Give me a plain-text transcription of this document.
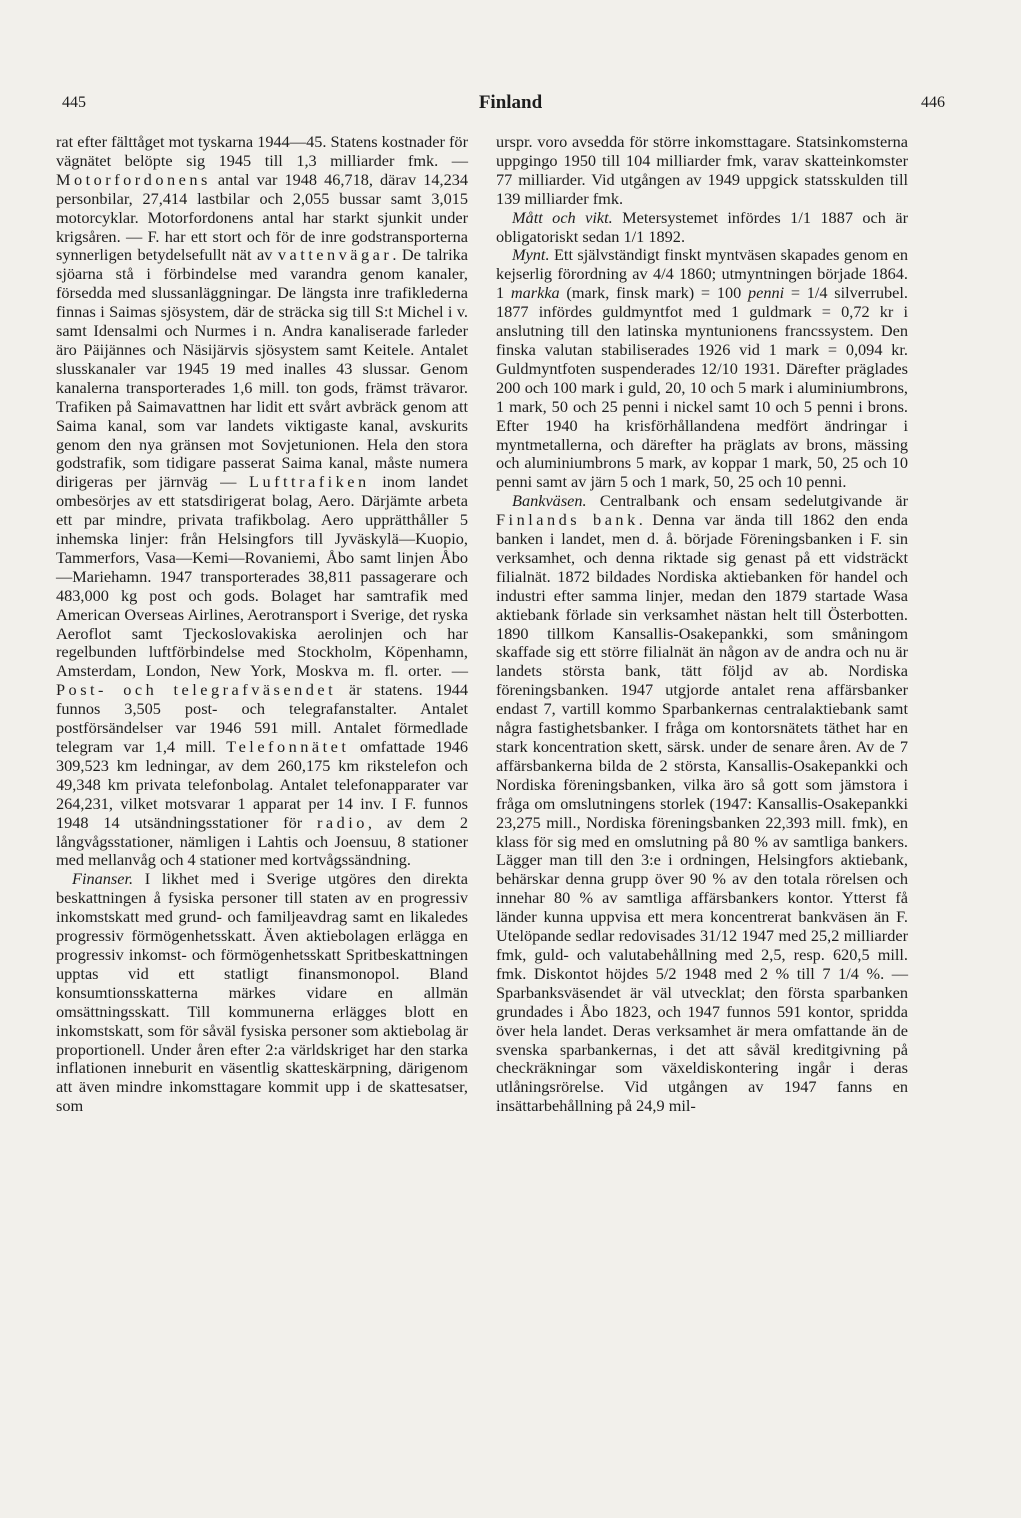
445	Finland	446

rat efter fälttåget mot tyskarna 1944—45. Statens kostnader för vägnätet belöpte sig 1945 till 1,3 milliarder fmk. — Motorfordonens antal var 1948 46,718, därav 14,234 personbilar, 27,414 lastbilar och 2,055 bussar samt 3,015 motorcyklar. Motorfordonens antal har starkt sjunkit under krigsåren. — F. har ett stort och för de inre godstransporterna synnerligen betydelsefullt nät av vattenvägar. De talrika sjöarna stå i förbindelse med varandra genom kanaler, försedda med slussanläggningar. De längsta inre trafiklederna finnas i Saimas sjösystem, där de sträcka sig till S:t Michel i v. samt Idensalmi och Nurmes i n. Andra kanaliserade farleder äro Päijännes och Näsijärvis sjösystem samt Keitele. Antalet slusskanaler var 1945 19 med inalles 43 slussar. Genom kanalerna transporterades 1,6 mill. ton gods, främst trävaror. Trafiken på Saimavattnen har lidit ett svårt avbräck genom att Saima kanal, som var landets viktigaste kanal, avskurits genom den nya gränsen mot Sovjetunionen. Hela den stora godstrafik, som tidigare passerat Saima kanal, måste numera dirigeras per järnväg — Lufttrafiken inom landet ombesörjes av ett statsdirigerat bolag, Aero. Därjämte arbeta ett par mindre, privata trafikbolag. Aero upprätthåller 5 inhemska linjer: från Helsingfors till Jyväskylä—Kuopio, Tammerfors, Vasa—Kemi—Rovaniemi, Åbo samt linjen Åbo—Mariehamn. 1947 transporterades 38,811 passagerare och 483,000 kg post och gods. Bolaget har samtrafik med American Overseas Airlines, Aerotransport i Sverige, det ryska Aeroflot samt Tjeckoslovakiska aerolinjen och har regelbunden luftförbindelse med Stockholm, Köpenhamn, Amsterdam, London, New York, Moskva m. fl. orter. — Post- och telegrafväsendet är statens. 1944 funnos 3,505 post- och telegrafanstalter. Antalet postförsändelser var 1946 591 mill. Antalet förmedlade telegram var 1,4 mill. Telefonnätet omfattade 1946 309,523 km ledningar, av dem 260,175 km rikstelefon och 49,348 km privata telefonbolag. Antalet telefonapparater var 264,231, vilket motsvarar 1 apparat per 14 inv. I F. funnos 1948 14 utsändningsstationer för radio, av dem 2 långvågsstationer, nämligen i Lahtis och Joensuu, 8 stationer med mellanvåg och 4 stationer med kortvågssändning.

Finanser. I likhet med i Sverige utgöres den direkta beskattningen å fysiska personer till staten av en progressiv inkomstskatt med grund- och familjeavdrag samt en likaledes progressiv förmögenhetsskatt. Även aktiebolagen erlägga en progressiv inkomst- och förmögenhetsskatt Spritbeskattningen upptas vid ett statligt finansmonopol. Bland konsumtionsskatterna märkes vidare en allmän omsättningsskatt. Till kommunerna erlägges blott en inkomstskatt, som för såväl fysiska personer som aktiebolag är proportionell. Under åren efter 2:a världskriget har den starka inflationen inneburit en väsentlig skatteskärpning, därigenom att även mindre inkomsttagare kommit upp i de skattesatser, som

urspr. voro avsedda för större inkomsttagare. Statsinkomsterna uppgingo 1950 till 104 milliarder fmk, varav skatteinkomster 77 milliarder. Vid utgången av 1949 uppgick statsskulden till 139 milliarder fmk.

Mått och vikt. Metersystemet infördes 1/1 1887 och är obligatoriskt sedan 1/1 1892.

Mynt. Ett självständigt finskt myntväsen skapades genom en kejserlig förordning av 4/4 1860; utmyntningen började 1864. 1 markka (mark, finsk mark) = 100 penni = 1/4 silverrubel. 1877 infördes guldmyntfot med 1 guldmark = 0,72 kr i anslutning till den latinska myntunionens francssystem. Den finska valutan stabiliserades 1926 vid 1 mark = 0,094 kr. Guldmyntfoten suspenderades 12/10 1931. Därefter präglades 200 och 100 mark i guld, 20, 10 och 5 mark i aluminiumbrons, 1 mark, 50 och 25 penni i nickel samt 10 och 5 penni i brons. Efter 1940 ha krisförhållandena medfört ändringar i myntmetallerna, och därefter ha präglats av brons, mässing och aluminiumbrons 5 mark, av koppar 1 mark, 50, 25 och 10 penni samt av järn 5 och 1 mark, 50, 25 och 10 penni.

Bankväsen. Centralbank och ensam sedelutgivande är Finlands bank. Denna var ända till 1862 den enda banken i landet, men d. å. började Föreningsbanken i F. sin verksamhet, och denna riktade sig genast på ett vidsträckt filialnät. 1872 bildades Nordiska aktiebanken för handel och industri efter samma linjer, medan den 1879 startade Wasa aktiebank förlade sin verksamhet nästan helt till Österbotten. 1890 tillkom Kansallis-Osakepankki, som småningom skaffade sig ett större filialnät än någon av de andra och nu är landets största bank, tätt följd av ab. Nordiska föreningsbanken. 1947 utgjorde antalet rena affärsbanker endast 7, vartill kommo Sparbankernas centralaktiebank samt några fastighetsbanker. I fråga om kontorsnätets täthet har en stark koncentration skett, särsk. under de senare åren. Av de 7 affärsbankerna bilda de 2 största, Kansallis-Osakepankki och Nordiska föreningsbanken, vilka äro så gott som jämstora i fråga om omslutningens storlek (1947: Kansallis-Osakepankki 23,275 mill., Nordiska föreningsbanken 22,393 mill. fmk), en klass för sig med en omslutning på 80 % av samtliga bankers. Lägger man till den 3:e i ordningen, Helsingfors aktiebank, behärskar denna grupp över 90 % av den totala rörelsen och innehar 80 % av samtliga affärsbankers kontor. Ytterst få länder kunna uppvisa ett mera koncentrerat bankväsen än F. Utelöpande sedlar redovisades 31/12 1947 med 25,2 milliarder fmk, guld- och valutabehållning med 2,5, resp. 620,5 mill. fmk. Diskontot höjdes 5/2 1948 med 2 % till 7 1/4 %. — Sparbanksväsendet är väl utvecklat; den första sparbanken grundades i Åbo 1823, och 1947 funnos 591 kontor, spridda över hela landet. Deras verksamhet är mera omfattande än de svenska sparbankernas, i det att såväl kreditgivning på checkräkningar som växeldiskontering ingår i deras utlåningsrörelse. Vid utgången av 1947 fanns en insättarbehållning på 24,9 mil-
